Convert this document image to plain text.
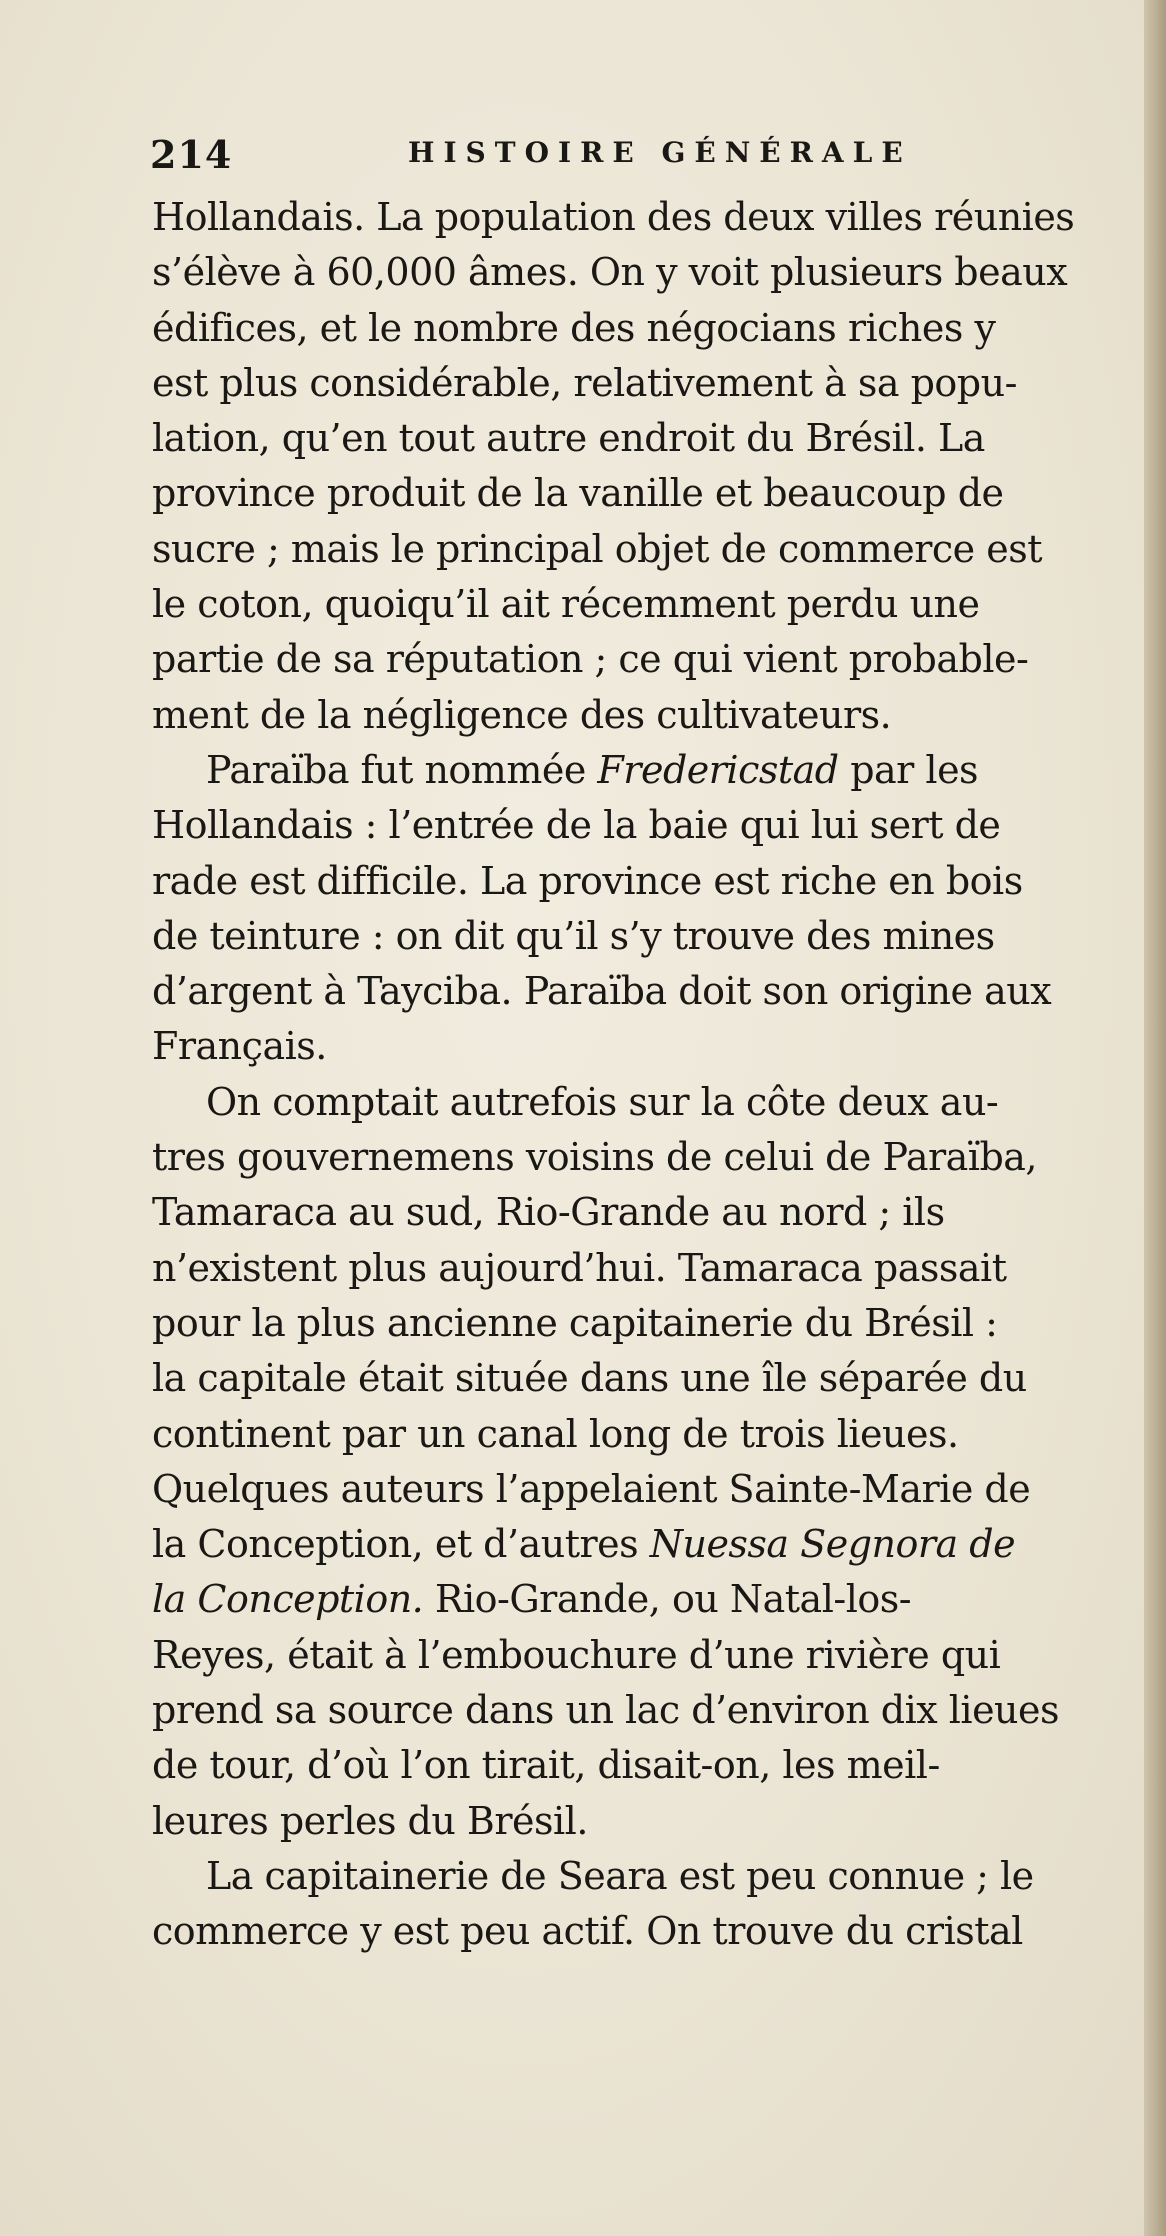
214	HISTOIRE GÉNÉRALE
Hollandais. La population des deux villes réunies
s’élève à 60,000 âmes. On y voit plusieurs beaux
édifices, et le nombre des négocians riches y
est plus considérable, relativement à sa popu-
lation, qu’en tout autre endroit du Brésil. La
province produit de la vanille et beaucoup de
sucre ; mais le principal objet de commerce est
le coton, quoiqu’il ait récemment perdu une
partie de sa réputation ; ce qui vient probable-
ment de la négligence des cultivateurs.
Paraïba fut nommée Fredericstad par les
Hollandais : l’entrée de la baie qui lui sert de
rade est difficile. La province est riche en bois
de teinture : on dit qu’il s’y trouve des mines
d’argent à Tayciba. Paraïba doit son origine aux
Français.
On comptait autrefois sur la côte deux au-
tres gouvernemens voisins de celui de Paraïba,
Tamaraca au sud, Rio-Grande au nord ; ils
n’existent plus aujourd’hui. Tamaraca passait
pour la plus ancienne capitainerie du Brésil :
la capitale était située dans une île séparée du
continent par un canal long de trois lieues.
Quelques auteurs l’appelaient Sainte-Marie de
la Conception, et d’autres Nuessa Segnora de
la Conception. Rio-Grande, ou Natal-los-
Reyes, était à l’embouchure d’une rivière qui
prend sa source dans un lac d’environ dix lieues
de tour, d’où l’on tirait, disait-on, les meil-
leures perles du Brésil.
La capitainerie de Seara est peu connue ; le
commerce y est peu actif. On trouve du cristal
